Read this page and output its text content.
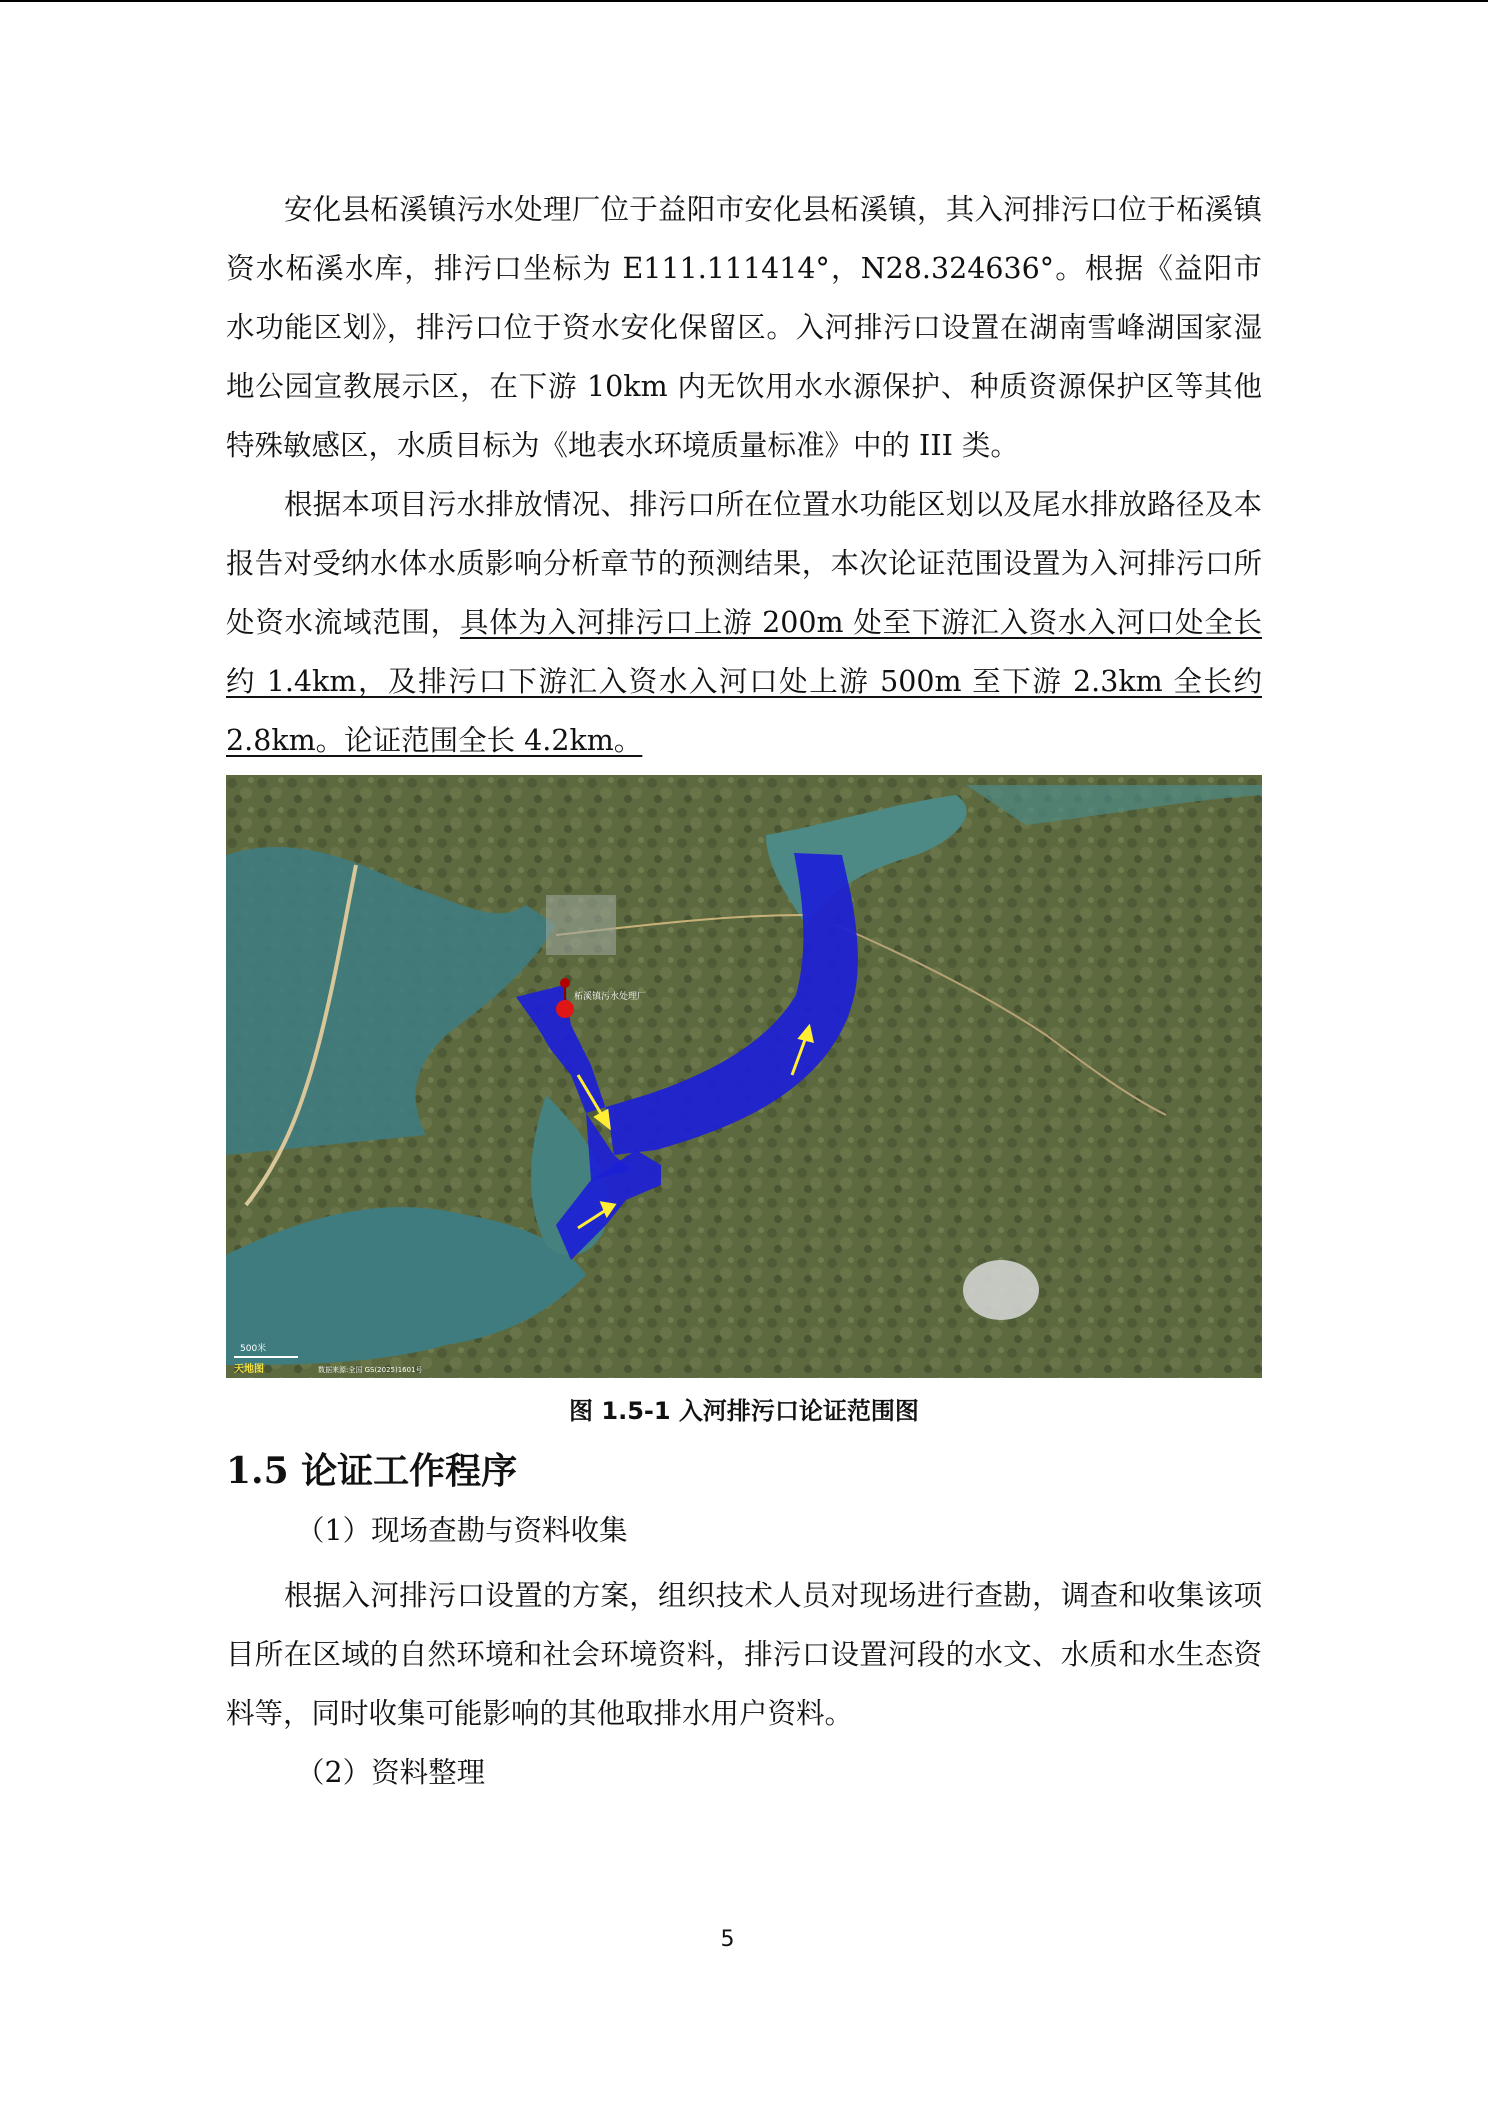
安化县柘溪镇污水处理厂位于益阳市安化县柘溪镇，其入河排污口位于柘溪镇资水柘溪水库，排污口坐标为 E111.111414°，N28.324636°。根据《益阳市水功能区划》，排污口位于资水安化保留区。入河排污口设置在湖南雪峰湖国家湿地公园宣教展示区，在下游 10km 内无饮用水水源保护、种质资源保护区等其他特殊敏感区，水质目标为《地表水环境质量标准》中的 III 类。

根据本项目污水排放情况、排污口所在位置水功能区划以及尾水排放路径及本报告对受纳水体水质影响分析章节的预测结果，本次论证范围设置为入河排污口所处资水流域范围，具体为入河排污口上游 200m 处至下游汇入资水入河口处全长约 1.4km，及排污口下游汇入资水入河口处上游 500m 至下游 2.3km 全长约 2.8km。论证范围全长 4.2km。

柘溪镇污水处理厂
500米
天地图	数据来源:全国 GS(2025)1601号
图 1.5-1 入河排污口论证范围图
1.5 论证工作程序
（1）现场查勘与资料收集

根据入河排污口设置的方案，组织技术人员对现场进行查勘，调查和收集该项目所在区域的自然环境和社会环境资料，排污口设置河段的水文、水质和水生态资料等，同时收集可能影响的其他取排水用户资料。

（2）资料整理
5
